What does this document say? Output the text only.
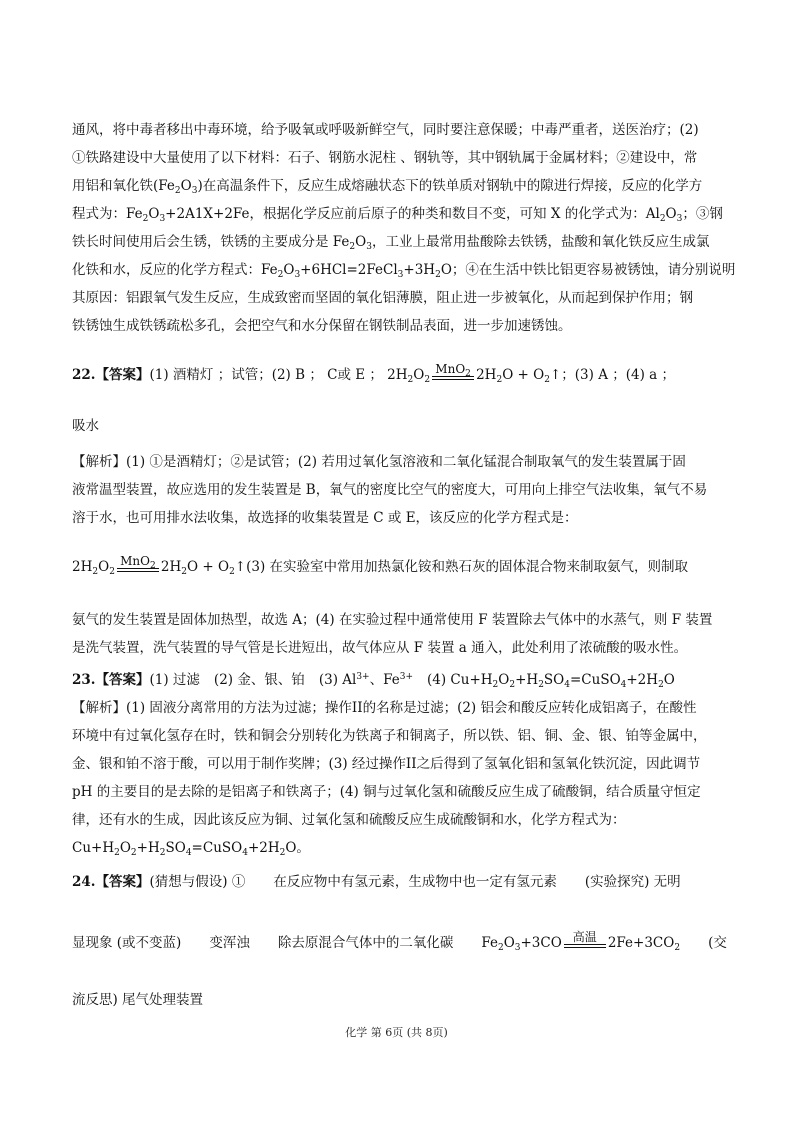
通风，将中毒者移出中毒环境，给予吸氧或呼吸新鲜空气，同时要注意保暖；中毒严重者，送医治疗；(2)
①铁路建设中大量使用了以下材料：石子、钢筋水泥柱 、钢轨等，其中钢轨属于金属材料；②建设中，常
用铝和氧化铁$(Fe_2O_3)$在高温条件下，反应生成熔融状态下的铁单质对钢轨中的隙进行焊接，反应的化学方
程式为：$Fe_2O_3+2A1X+2Fe$，根据化学反应前后原子的种类和数目不变，可知 X 的化学式为：$Al_2O_3$；③钢
铁长时间使用后会生锈，铁锈的主要成分是 $Fe_2O_3$，工业上最常用盐酸除去铁锈，盐酸和氧化铁反应生成氯
化铁和水，反应的化学方程式：$Fe_2O_3+6HCl=2FeCl_3+3H_2O$；④在生活中铁比铝更容易被锈蚀，请分别说明
其原因：铝跟氧气发生反应，生成致密而坚固的氧化铝薄膜，阻止进一步被氧化，从而起到保护作用；钢
铁锈蚀生成铁锈疏松多孔，会把空气和水分保留在钢铁制品表面，进一步加速锈蚀。
22.【答案】(1) 酒精灯 ；试管；(2) B ； C或 E ； $2H_2O_2$
MnO$_2$ $2H_2O$ + $O_2↑$；(3) A ；(4) a ；
吸水
【解析】(1) ①是酒精灯；②是试管；(2) 若用过氧化氢溶液和二氧化锰混合制取氧气的发生装置属于固
液常温型装置，故应选用的发生装置是 B，氧气的密度比空气的密度大，可用向上排空气法收集，氧气不易
溶于水，也可用排水法收集，故选择的收集装置是 C 或 E，该反应的化学方程式是：
$2H_2O_2$
MnO$_2$ $2H_2O$ + $O_2↑(3)$ 在实验室中常用加热氯化铵和熟石灰的固体混合物来制取氨气，则制取
氨气的发生装置是固体加热型，故选 A；(4) 在实验过程中通常使用 F 装置除去气体中的水蒸气，则 F 装置
是洗气装置，洗气装置的导气管是长进短出，故气体应从 F 装置 a 通入，此处利用了浓硫酸的吸水性。
23.【答案】(1) 过滤 (2) 金、银、铂 (3) $Al^{3+}$、$Fe^{3+}$ (4) $Cu+H_2O_2+H_2SO_4=CuSO_4+2H_2O$
【解析】(1) 固液分离常用的方法为过滤；操作II的名称是过滤；(2) 铝会和酸反应转化成铝离子，在酸性
环境中有过氧化氢存在时，铁和铜会分别转化为铁离子和铜离子，所以铁、铝、铜、金、银、铂等金属中，
金、银和铂不溶于酸，可以用于制作奖牌；(3) 经过操作II之后得到了氢氧化铝和氢氧化铁沉淀，因此调节
pH 的主要目的是去除的是铝离子和铁离子；(4) 铜与过氧化氢和硫酸反应生成了硫酸铜，结合质量守恒定
律，还有水的生成，因此该反应为铜、过氧化氢和硫酸反应生成硫酸铜和水，化学方程式为：
$Cu+H_2O_2+H_2SO_4=CuSO_4+2H_2O$。
24.【答案】(猜想与假设) ① 在反应物中有氢元素，生成物中也一定有氢元素 (实验探究) 无明
显现象 (或不变蓝) 变浑浊 除去原混合气体中的二氧化碳 $Fe_2O_3+3CO$ 高温 $2Fe+3CO_2$ (交
流反思) 尾气处理装置
化学 第 6页 (共 8页)
